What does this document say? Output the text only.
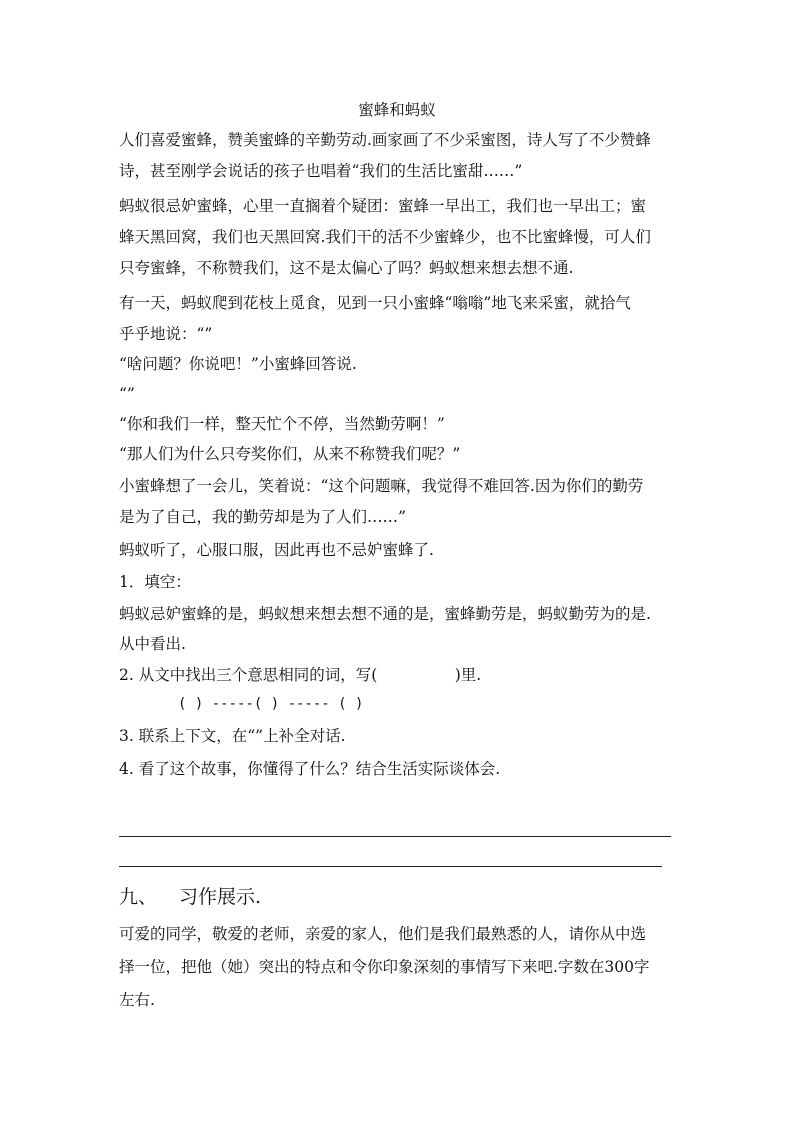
蜜蜂和蚂蚁
人们喜爱蜜蜂，赞美蜜蜂的辛勤劳动.画家画了不少采蜜图，诗人写了不少赞蜂
诗，甚至刚学会说话的孩子也唱着“我们的生活比蜜甜……”
蚂蚁很忌妒蜜蜂，心里一直搁着个疑团：蜜蜂一早出工，我们也一早出工；蜜
蜂天黑回窝，我们也天黑回窝.我们干的活不少蜜蜂少，也不比蜜蜂慢，可人们
只夸蜜蜂，不称赞我们，这不是太偏心了吗？蚂蚁想来想去想不通.
有一天，蚂蚁爬到花枝上觅食，见到一只小蜜蜂“嗡嗡”地飞来采蜜，就拾气
乎乎地说：“”
“啥问题？你说吧！”小蜜蜂回答说.
“”
“你和我们一样，整天忙个不停，当然勤劳啊！”
“那人们为什么只夸奖你们，从来不称赞我们呢？”
小蜜蜂想了一会儿，笑着说：“这个问题嘛，我觉得不难回答.因为你们的勤劳
是为了自己，我的勤劳却是为了人们……”
蚂蚁听了，心服口服，因此再也不忌妒蜜蜂了.
1．填空：
蚂蚁忌妒蜜蜂的是，蚂蚁想来想去想不通的是，蜜蜂勤劳是，蚂蚁勤劳为的是.
从中看出.
2. 从文中找出三个意思相同的词，写(　　　　　)里.
( ) -----( ) ----- ( )
3. 联系上下文，在“”上补全对话.
4. 看了这个故事，你懂得了什么？结合生活实际谈体会.
九、 习作展示.
可爱的同学，敬爱的老师，亲爱的家人，他们是我们最熟悉的人，请你从中选
择一位，把他（她）突出的特点和令你印象深刻的事情写下来吧.字数在300字
左右.
